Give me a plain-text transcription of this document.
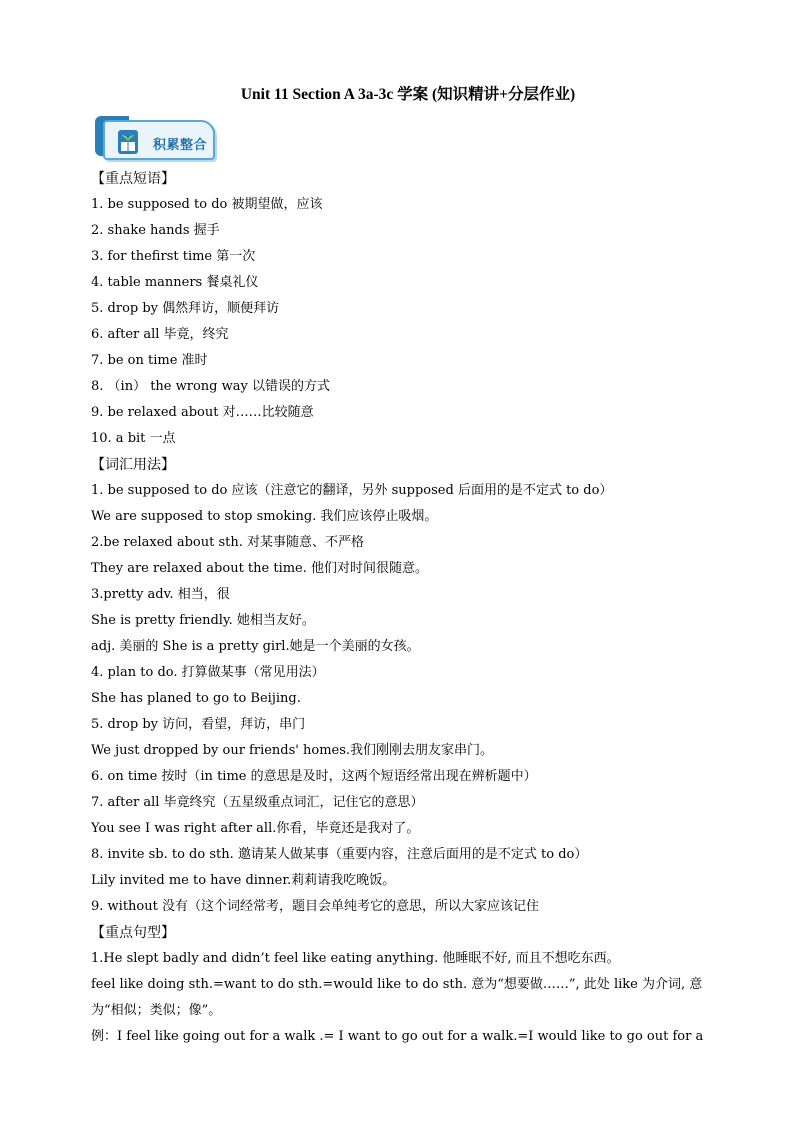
Unit 11 Section A 3a-3c 学案 (知识精讲+分层作业)
积累整合
【重点短语】
1. be supposed to do 被期望做，应该
2. shake hands 握手
3. for thefirst time 第一次
4. table manners 餐桌礼仪
5. drop by 偶然拜访，顺便拜访
6. after all 毕竟，终究
7. be on time 准时
8. （in） the wrong way 以错误的方式
9. be relaxed about 对……比较随意
10. a bit 一点
【词汇用法】
1. be supposed to do 应该（注意它的翻译，另外 supposed 后面用的是不定式 to do）
We are supposed to stop smoking. 我们应该停止吸烟。
2.be relaxed about sth. 对某事随意、不严格
They are relaxed about the time. 他们对时间很随意。
3.pretty adv. 相当，很
She is pretty friendly. 她相当友好。
adj. 美丽的 She is a pretty girl.她是一个美丽的女孩。
4. plan to do. 打算做某事（常见用法）
She has planed to go to Beijing.
5. drop by 访问，看望，拜访，串门
We just dropped by our friends' homes.我们刚刚去朋友家串门。
6. on time 按时（in time 的意思是及时，这两个短语经常出现在辨析题中）
7. after all 毕竟终究（五星级重点词汇，记住它的意思）
You see I was right after all.你看，毕竟还是我对了。
8. invite sb. to do sth. 邀请某人做某事（重要内容，注意后面用的是不定式 to do）
Lily invited me to have dinner.莉莉请我吃晚饭。
9. without 没有（这个词经常考，题目会单纯考它的意思，所以大家应该记住
【重点句型】
1.He slept badly and didn’t feel like eating anything. 他睡眠不好, 而且不想吃东西。
feel like doing sth.=want to do sth.=would like to do sth. 意为“想要做……”, 此处 like 为介词, 意为“相似；类似；像”。
例：I feel like going out for a walk .= I want to go out for a walk.=I would like to go out for a
